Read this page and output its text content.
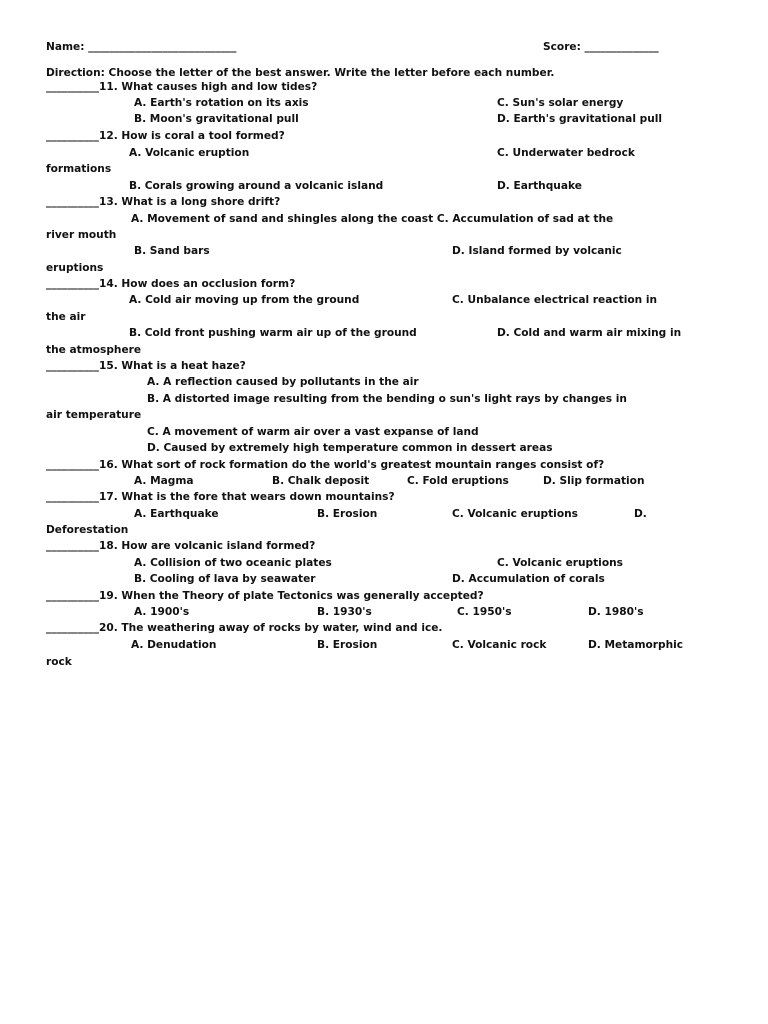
Name: ____________________________	Score: ______________
Direction: Choose the letter of the best answer. Write the letter before each number.
__________11. What causes high and low tides?
A. Earth's rotation on its axis	C. Sun's solar energy
B. Moon's gravitational pull	D. Earth's gravitational pull
__________12. How is coral a tool formed?
A. Volcanic eruption	C. Underwater bedrock
formations
B. Corals growing around a volcanic island	D. Earthquake
__________13. What is a long shore drift?
A. Movement of sand and shingles along the coast C. Accumulation of sad at the
river mouth
B. Sand bars	D. Island formed by volcanic
eruptions
__________14. How does an occlusion form?
A. Cold air moving up from the ground	C. Unbalance electrical reaction in
the air
B. Cold front pushing warm air up of the ground	D. Cold and warm air mixing in
the atmosphere
__________15. What is a heat haze?
A. A reflection caused by pollutants in the air
B. A distorted image resulting from the bending o sun's light rays by changes in
air temperature
C. A movement of warm air over a vast expanse of land
D. Caused by extremely high temperature common in dessert areas
__________16. What sort of rock formation do the world's greatest mountain ranges consist of?
A. Magma	B. Chalk deposit	C. Fold eruptions	D. Slip formation
__________17. What is the fore that wears down mountains?
A. Earthquake	B. Erosion	C. Volcanic eruptions	D.
Deforestation
__________18. How are volcanic island formed?
A. Collision of two oceanic plates	C. Volcanic eruptions
B. Cooling of lava by seawater	D. Accumulation of corals
__________19. When the Theory of plate Tectonics was generally accepted?
A. 1900's	B. 1930's	C. 1950's	D. 1980's
__________20. The weathering away of rocks by water, wind and ice.
A. Denudation	B. Erosion	C. Volcanic rock	D. Metamorphic
rock
